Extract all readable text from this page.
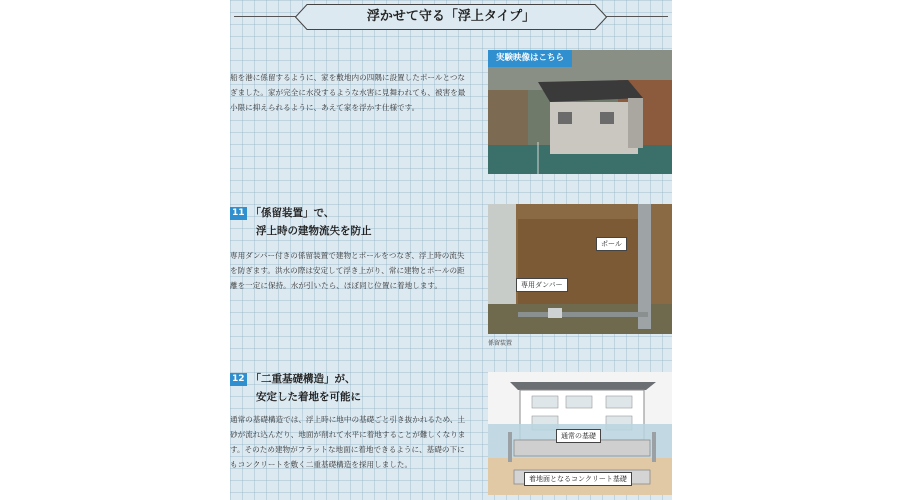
浮かせて守る「浮上タイプ」
船を港に係留するように、家を敷地内の四隅に設置したポールとつなぎました。家が完全に水没するような水害に見舞われても、被害を最小限に抑えられるように、あえて家を浮かす仕様です。
実験映像はこちら
11 「係留装置」で、
浮上時の建物流失を防止
専用ダンパー付きの係留装置で建物とポールをつなぎ、浮上時の流失を防ぎます。洪水の際は安定して浮き上がり、常に建物とポールの距離を一定に保持。水が引いたら、ほぼ同じ位置に着地します。
ポール
専用ダンパー
係留装置
12 「二重基礎構造」が、
安定した着地を可能に
通常の基礎構造では、浮上時に地中の基礎ごと引き抜かれるため、土砂が流れ込んだり、地面が削れて水平に着地することが難しくなります。そのため建物がフラットな地面に着地できるように、基礎の下にもコンクリートを敷く二重基礎構造を採用しました。
通常の基礎
着地面となるコンクリート基礎
